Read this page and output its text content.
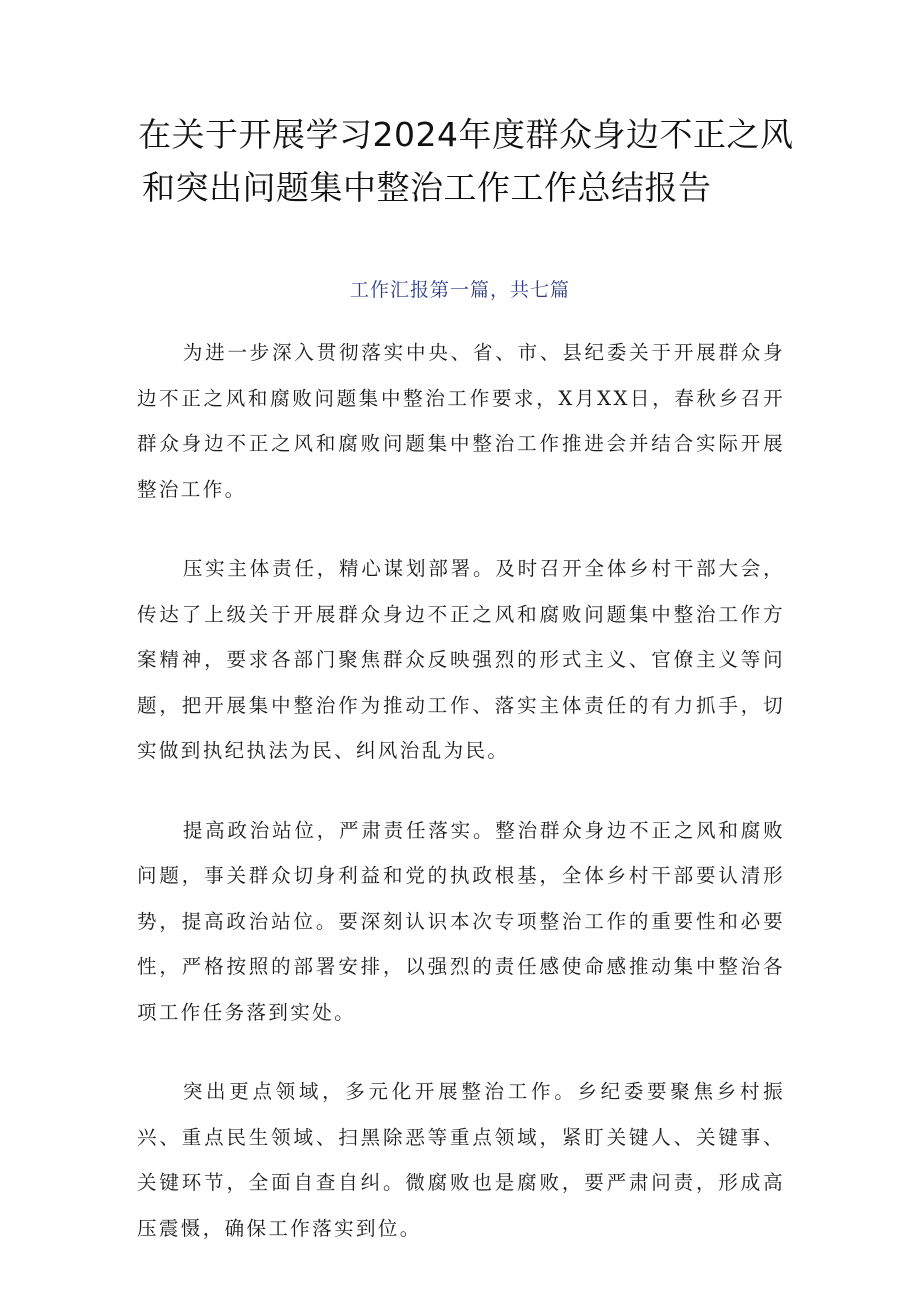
在关于开展学习2024年度群众身边不正之风
和突出问题集中整治工作工作总结报告
工作汇报第一篇，共七篇

为进一步深入贯彻落实中央、省、市、县纪委关于开展群众身边不正之风和腐败问题集中整治工作要求，X月XX日，春秋乡召开群众身边不正之风和腐败问题集中整治工作推进会并结合实际开展整治工作。

压实主体责任，精心谋划部署。及时召开全体乡村干部大会，传达了上级关于开展群众身边不正之风和腐败问题集中整治工作方案精神，要求各部门聚焦群众反映强烈的形式主义、官僚主义等问题，把开展集中整治作为推动工作、落实主体责任的有力抓手，切实做到执纪执法为民、纠风治乱为民。

提高政治站位，严肃责任落实。整治群众身边不正之风和腐败问题，事关群众切身利益和党的执政根基，全体乡村干部要认清形势，提高政治站位。要深刻认识本次专项整治工作的重要性和必要性，严格按照的部署安排，以强烈的责任感使命感推动集中整治各项工作任务落到实处。

突出更点领域，多元化开展整治工作。乡纪委要聚焦乡村振兴、重点民生领域、扫黑除恶等重点领域，紧盯关键人、关键事、关键环节，全面自查自纠。微腐败也是腐败，要严肃问责，形成高压震慑，确保工作落实到位。
